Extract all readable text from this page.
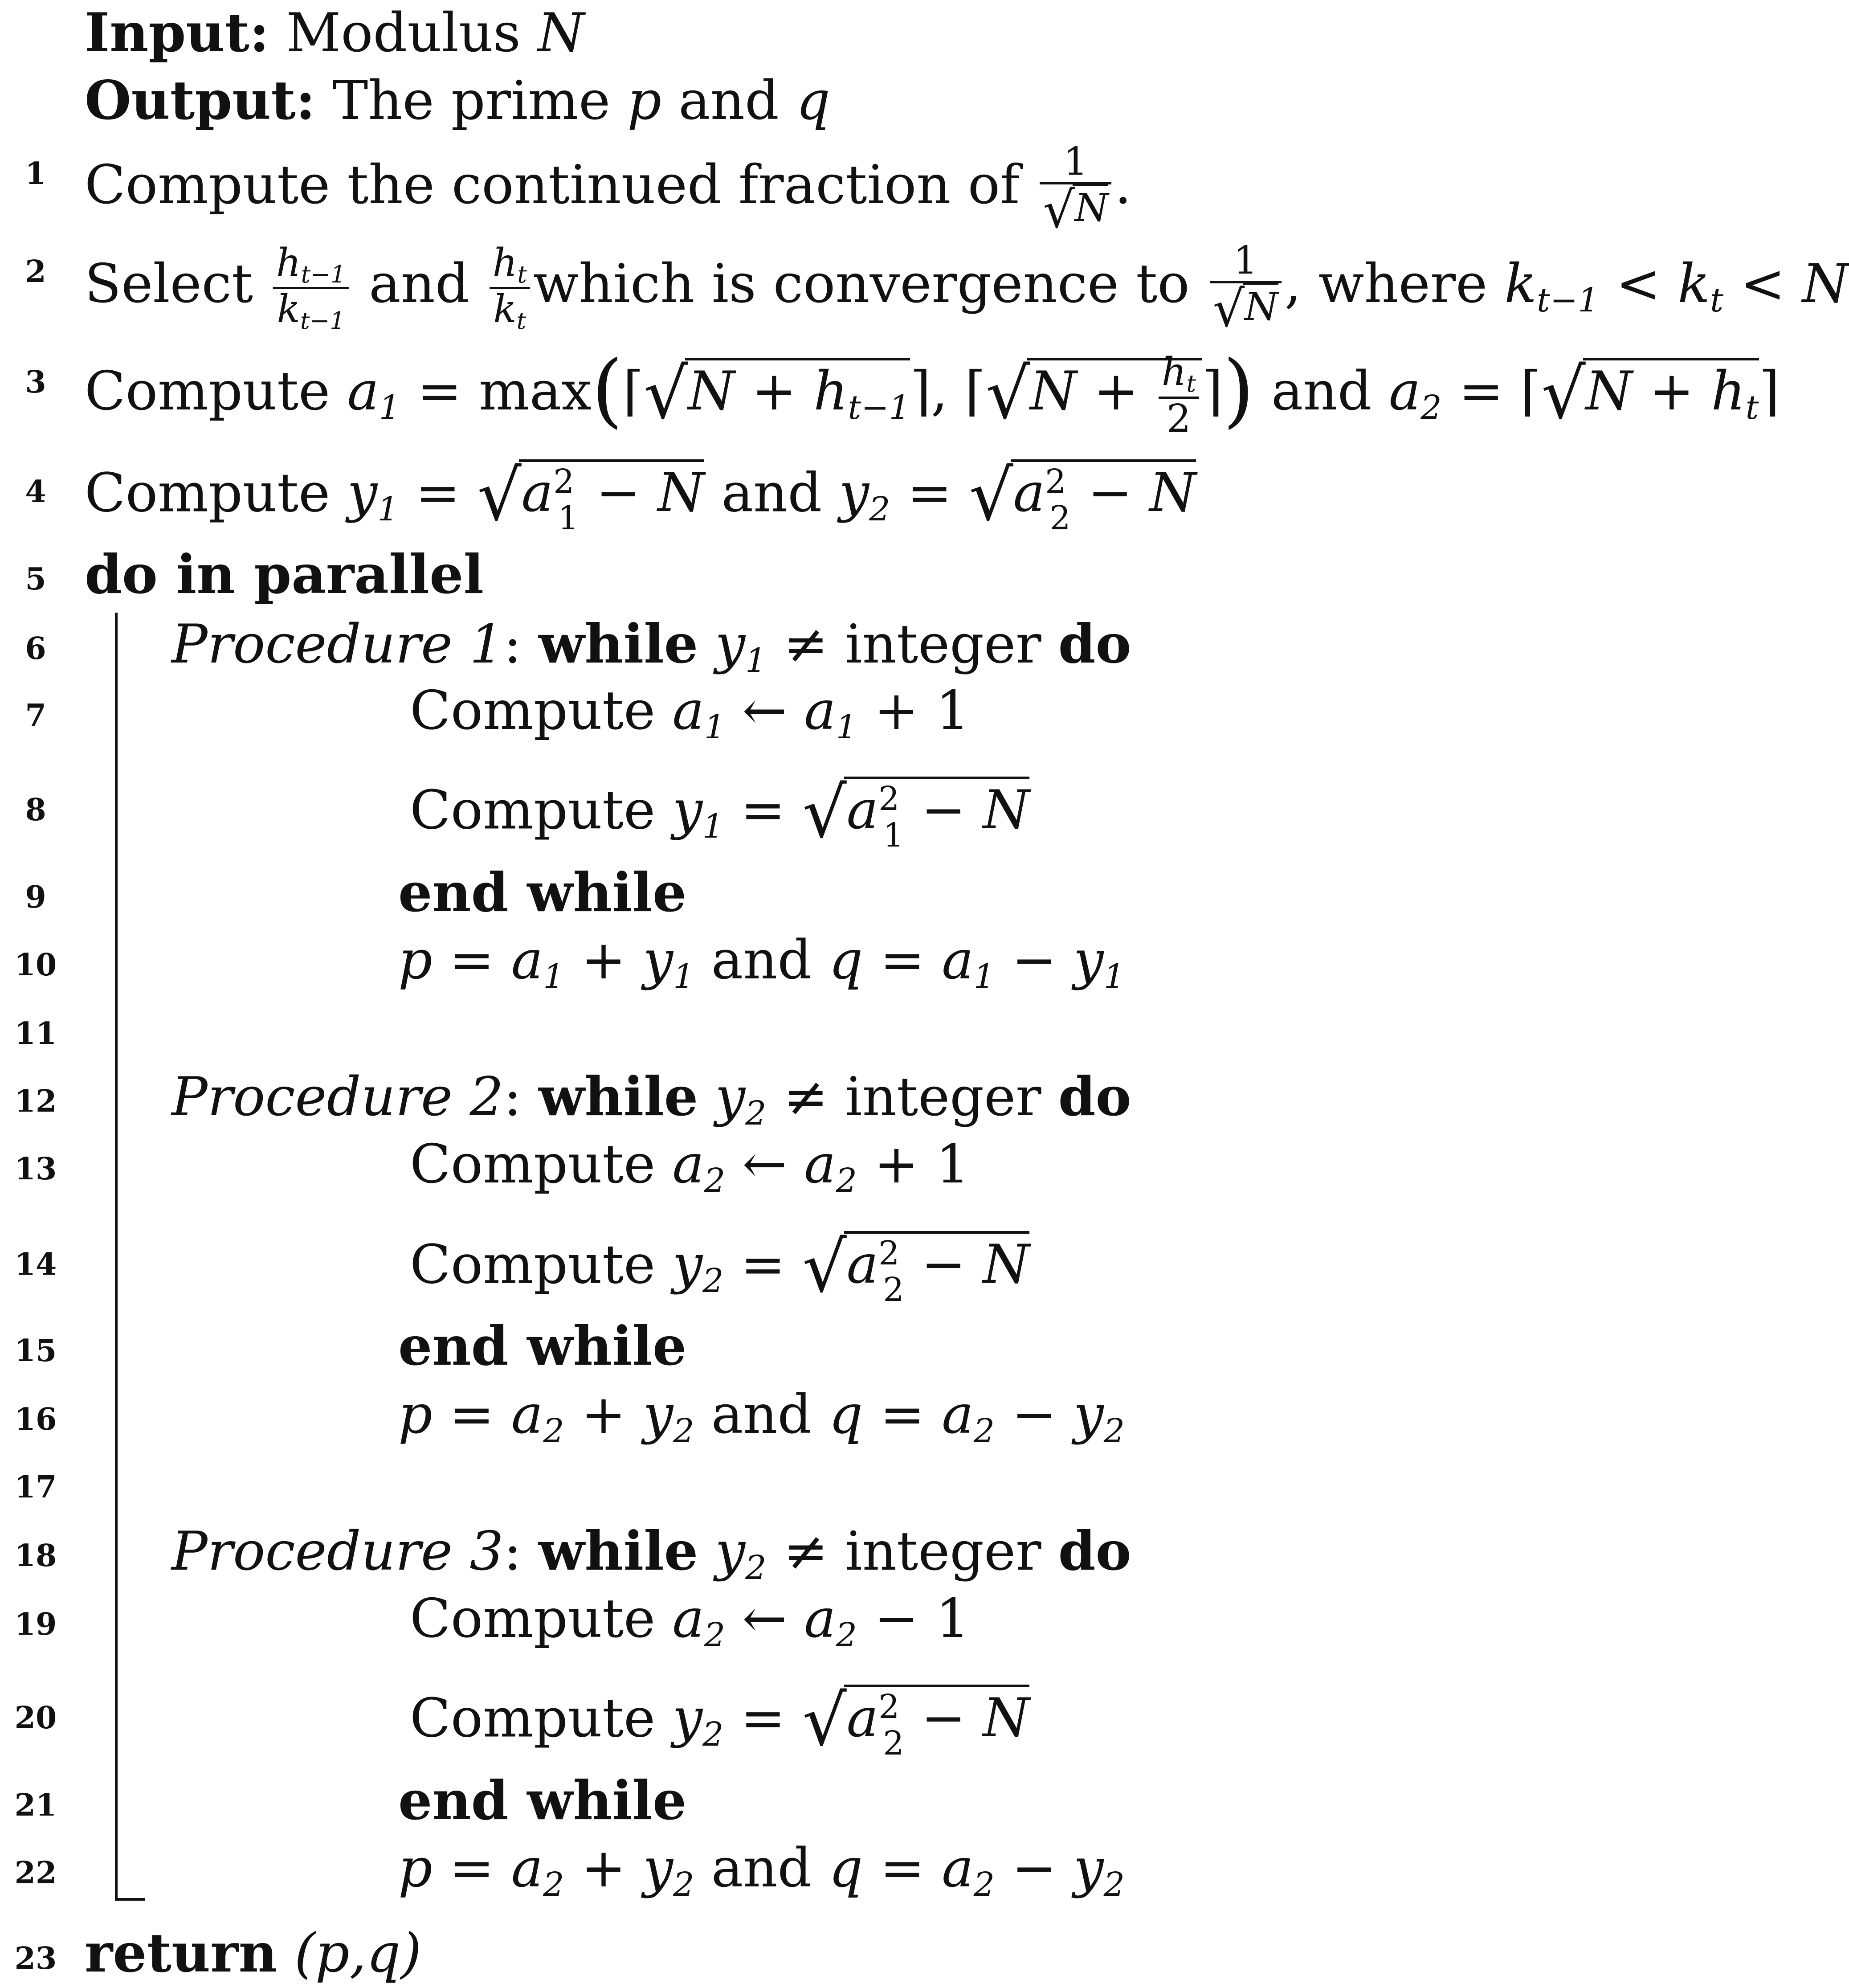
Input: Modulus N
Output: The prime p and q
1
2
3
4
5
6
7
8
9
10
11
12
13
14
15
16
17
18
19
20
21
22
23
Compute the continued fraction of $\frac{1}{√N}$ .
Select $\frac{h_{t-1}}{k_{t-1}}$ and $\frac{h_t}{k_t}$ which is convergence to $\frac{1}{√N}$ , where $k_{t-1} < k_t < N$
Compute $a_1$ = max(⌈√N + $h_{t-1}⌉$, ⌈√N + $\frac{h_t}{2}$ ⌉) and $a_2$ = ⌈√N + $h_t⌉$
Compute $y_1 = √a^2_1 - N$ and $y_2 = √a^2_2 - N$
do in parallel
Procedure 1: while $y_1$ ≠ integer do
Compute $a_1$ ← $a_1 + 1$
Compute $y_1 = √a^2_1 - N$
end while
$p = a_1 + y_1$ and $q = a_1 - y_1$
Procedure 2: while $y_2$ ≠ integer do
Compute $a_2$ ← $a_2 + 1$
Compute $y_2 = √a^2_2 - N$
end while
$p = a_2 + y_2$ and $q = a_2 - y_2$
Procedure 3: while $y_2$ ≠ integer do
Compute $a_2$ ← $a_2 - 1$
Compute $y_2 = √a^2_2 - N$
end while
$p = a_2 + y_2$ and $q = a_2 - y_2$
return (p,q)
